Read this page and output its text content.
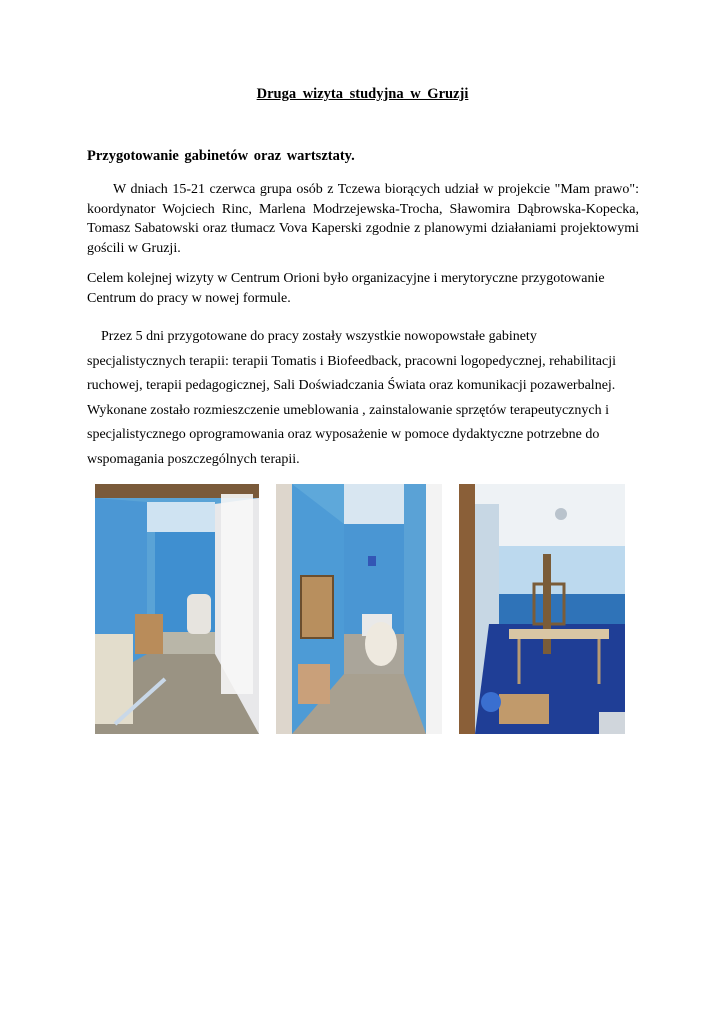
Druga wizyta studyjna w Gruzji
Przygotowanie gabinetów oraz wartsztaty.
W dniach 15-21 czerwca grupa osób z Tczewa biorących udział w projekcie "Mam prawo": koordynator Wojciech Rinc, Marlena Modrzejewska-Trocha, Sławomira Dąbrowska-Kopecka, Tomasz Sabatowski oraz tłumacz Vova Kaperski zgodnie z planowymi działaniami projektowymi gościli w Gruzji.
Celem kolejnej wizyty w Centrum Orioni było organizacyjne i merytoryczne przygotowanie Centrum do pracy w nowej formule.
Przez 5 dni przygotowane do pracy zostały wszystkie nowopowstałe gabinety specjalistycznych terapii: terapii Tomatis i Biofeedback, pracowni logopedycznej, rehabilitacji ruchowej, terapii pedagogicznej, Sali Doświadczania Świata oraz komunikacji pozawerbalnej. Wykonane zostało rozmieszczenie umeblowania , zainstalowanie sprzętów terapeutycznych i specjalistycznego oprogramowania oraz wyposażenie w pomoce dydaktyczne potrzebne do wspomagania poszczególnych terapii.
